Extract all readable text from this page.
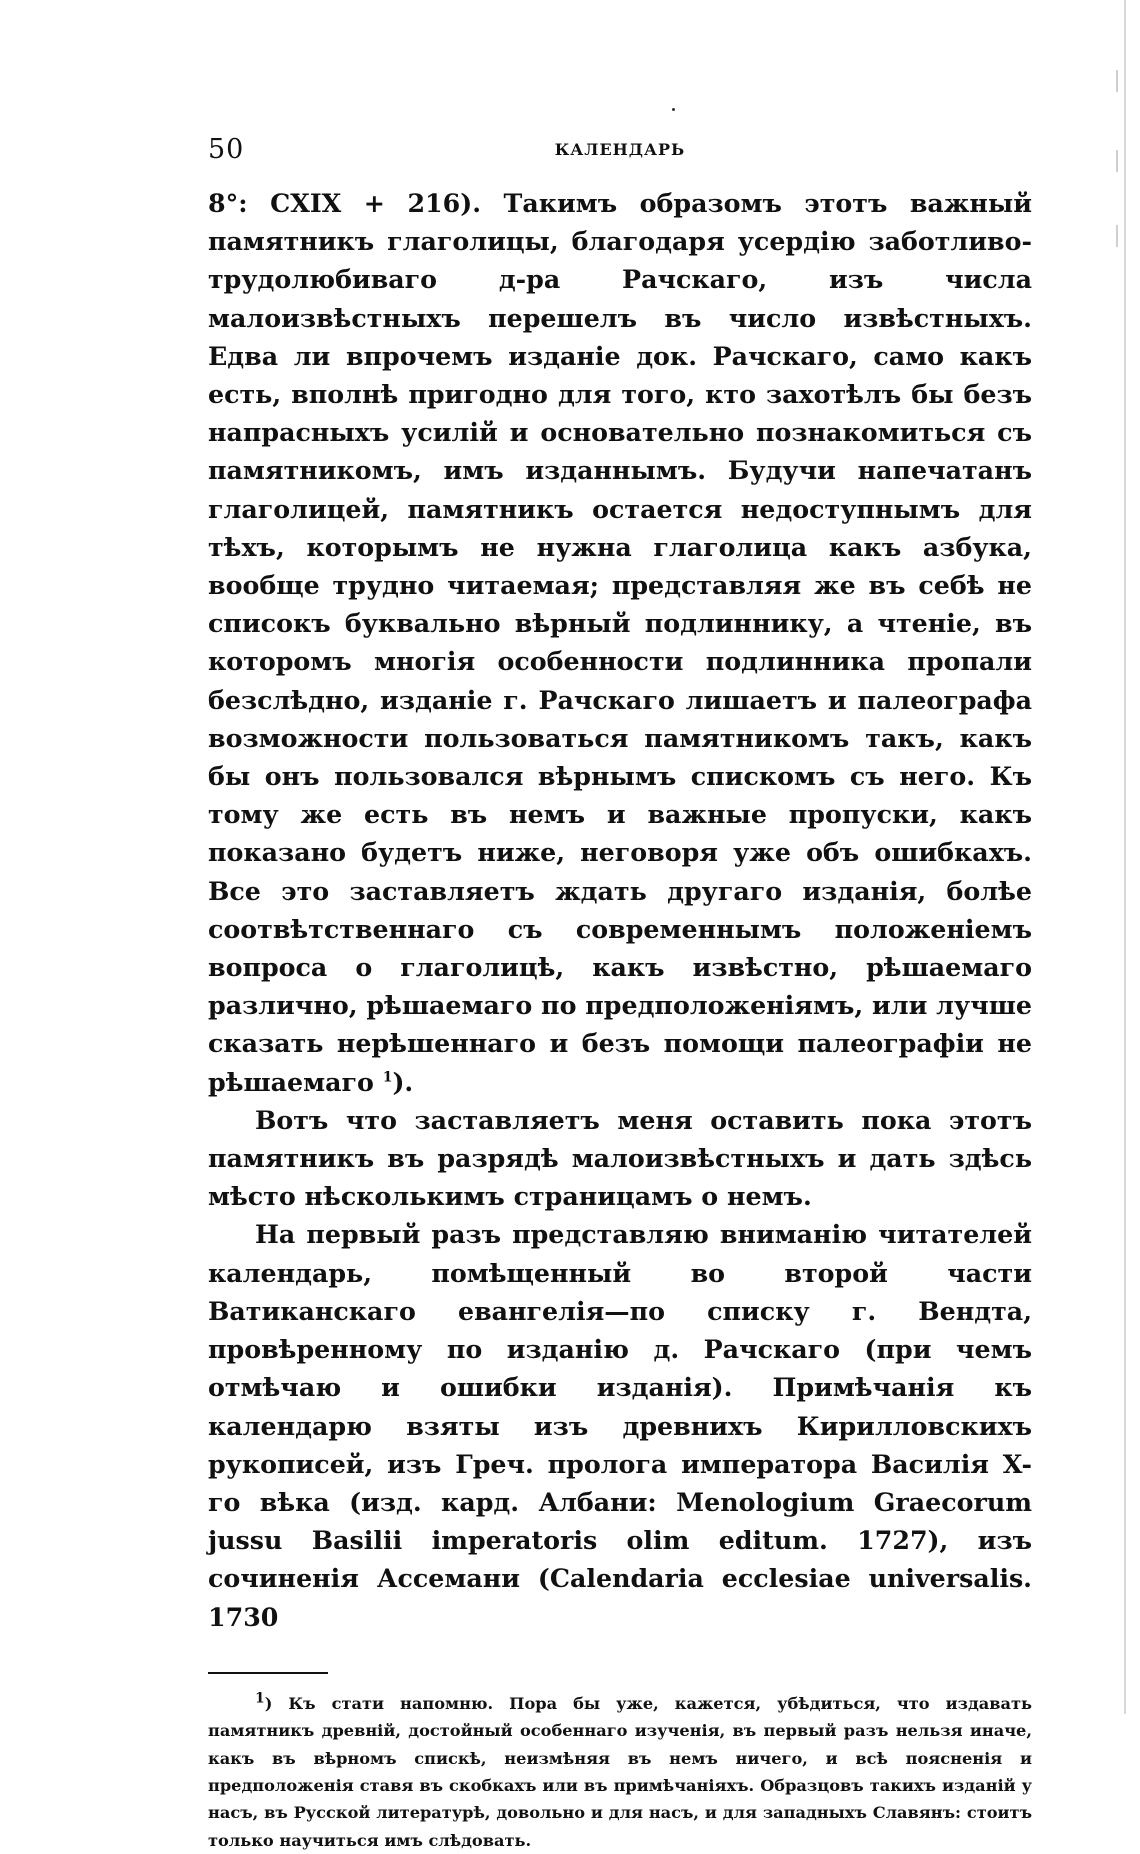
50	КАЛЕНДАРЬ

8°: CXIX + 216). Такимъ образомъ этотъ важный памятникъ глаголицы, благодаря усердію заботливо-трудолюбиваго д-ра Рачскаго, изъ числа малоизвѣстныхъ перешелъ въ число извѣстныхъ. Едва ли впрочемъ изданіе док. Рачскаго, само какъ есть, вполнѣ пригодно для того, кто захотѣлъ бы безъ напрасныхъ усилій и основательно познакомиться съ памятникомъ, имъ изданнымъ. Будучи напечатанъ глаголицей, памятникъ остается недоступнымъ для тѣхъ, которымъ не нужна глаголица какъ азбука, вообще трудно читаемая; представляя же въ себѣ не списокъ буквально вѣрный подлиннику, а чтеніе, въ которомъ многія особенности подлинника пропали безслѣдно, изданіе г. Рачскаго лишаетъ и палеографа возможности пользоваться памятникомъ такъ, какъ бы онъ пользовался вѣрнымъ спискомъ съ него. Къ тому же есть въ немъ и важные пропуски, какъ показано будетъ ниже, неговоря уже объ ошибкахъ. Все это заставляетъ ждать другаго изданія, болѣе соотвѣтственнаго съ современнымъ положеніемъ вопроса о глаголицѣ, какъ извѣстно, рѣшаемаго различно, рѣшаемаго по предположеніямъ, или лучше сказать нерѣшеннаго и безъ помощи палеографіи не рѣшаемаго $^1$).

Вотъ что заставляетъ меня оставить пока этотъ памятникъ въ разрядѣ малоизвѣстныхъ и дать здѣсь мѣсто нѣсколькимъ страницамъ о немъ.

На первый разъ представляю вниманію читателей календарь, помѣщенный во второй части Ватиканскаго евангелія—по списку г. Вендта, провѣренному по изданію д. Рачскаго (при чемъ отмѣчаю и ошибки изданія). Примѣчанія къ календарю взяты изъ древнихъ Кирилловскихъ рукописей, изъ Греч. пролога императора Василія X-го вѣка (изд. кард. Албани: Menologium Graecorum jussu Basilii imperatoris olim editum. 1727), изъ сочиненія Ассемани (Calendaria ecclesiae universalis. 1730

$^1$) Къ стати напомню. Пора бы уже, кажется, убѣдиться, что издавать памятникъ древній, достойный особеннаго изученія, въ первый разъ нельзя иначе, какъ въ вѣрномъ спискѣ, неизмѣняя въ немъ ничего, и всѣ поясненія и предположенія ставя въ скобкахъ или въ примѣчаніяхъ. Образцовъ такихъ изданій у насъ, въ Русской литературѣ, довольно и для насъ, и для западныхъ Славянъ: стоитъ только научиться имъ слѣдовать.
